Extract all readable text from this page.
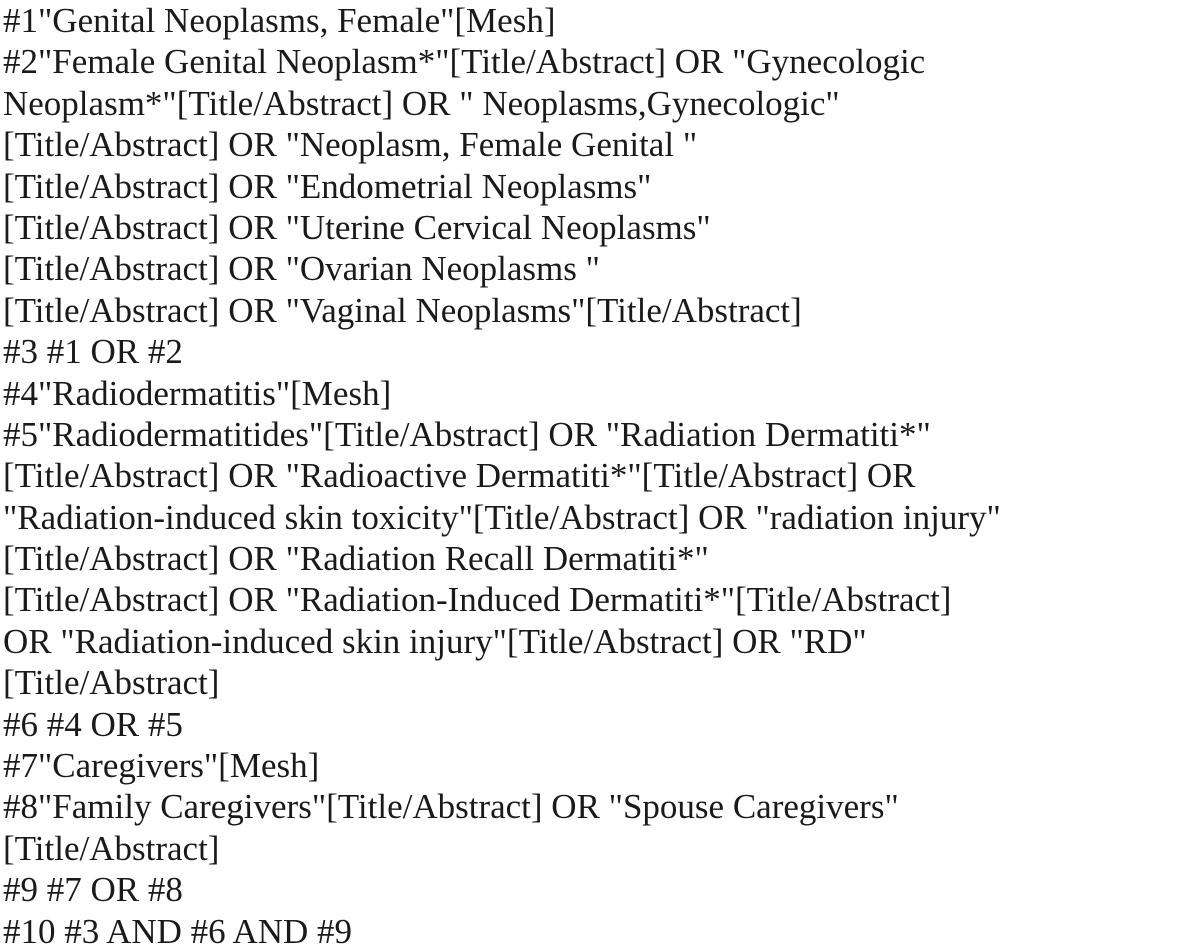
#1"Genital Neoplasms, Female"[Mesh]
#2"Female Genital Neoplasm*"[Title/Abstract] OR "Gynecologic
Neoplasm*"[Title/Abstract] OR " Neoplasms,Gynecologic"
[Title/Abstract] OR "Neoplasm, Female Genital "
[Title/Abstract] OR "Endometrial Neoplasms"
[Title/Abstract] OR "Uterine Cervical Neoplasms"
[Title/Abstract] OR "Ovarian Neoplasms "
[Title/Abstract] OR "Vaginal Neoplasms"[Title/Abstract]
#3 #1 OR #2
#4"Radiodermatitis"[Mesh]
#5"Radiodermatitides"[Title/Abstract] OR "Radiation Dermatiti*"
[Title/Abstract] OR "Radioactive Dermatiti*"[Title/Abstract] OR
"Radiation-induced skin toxicity"[Title/Abstract] OR "radiation injury"
[Title/Abstract] OR "Radiation Recall Dermatiti*"
[Title/Abstract] OR "Radiation-Induced Dermatiti*"[Title/Abstract]
OR "Radiation-induced skin injury"[Title/Abstract] OR "RD"
[Title/Abstract]
#6 #4 OR #5
#7"Caregivers"[Mesh]
#8"Family Caregivers"[Title/Abstract] OR "Spouse Caregivers"
[Title/Abstract]
#9 #7 OR #8
#10 #3 AND #6 AND #9
